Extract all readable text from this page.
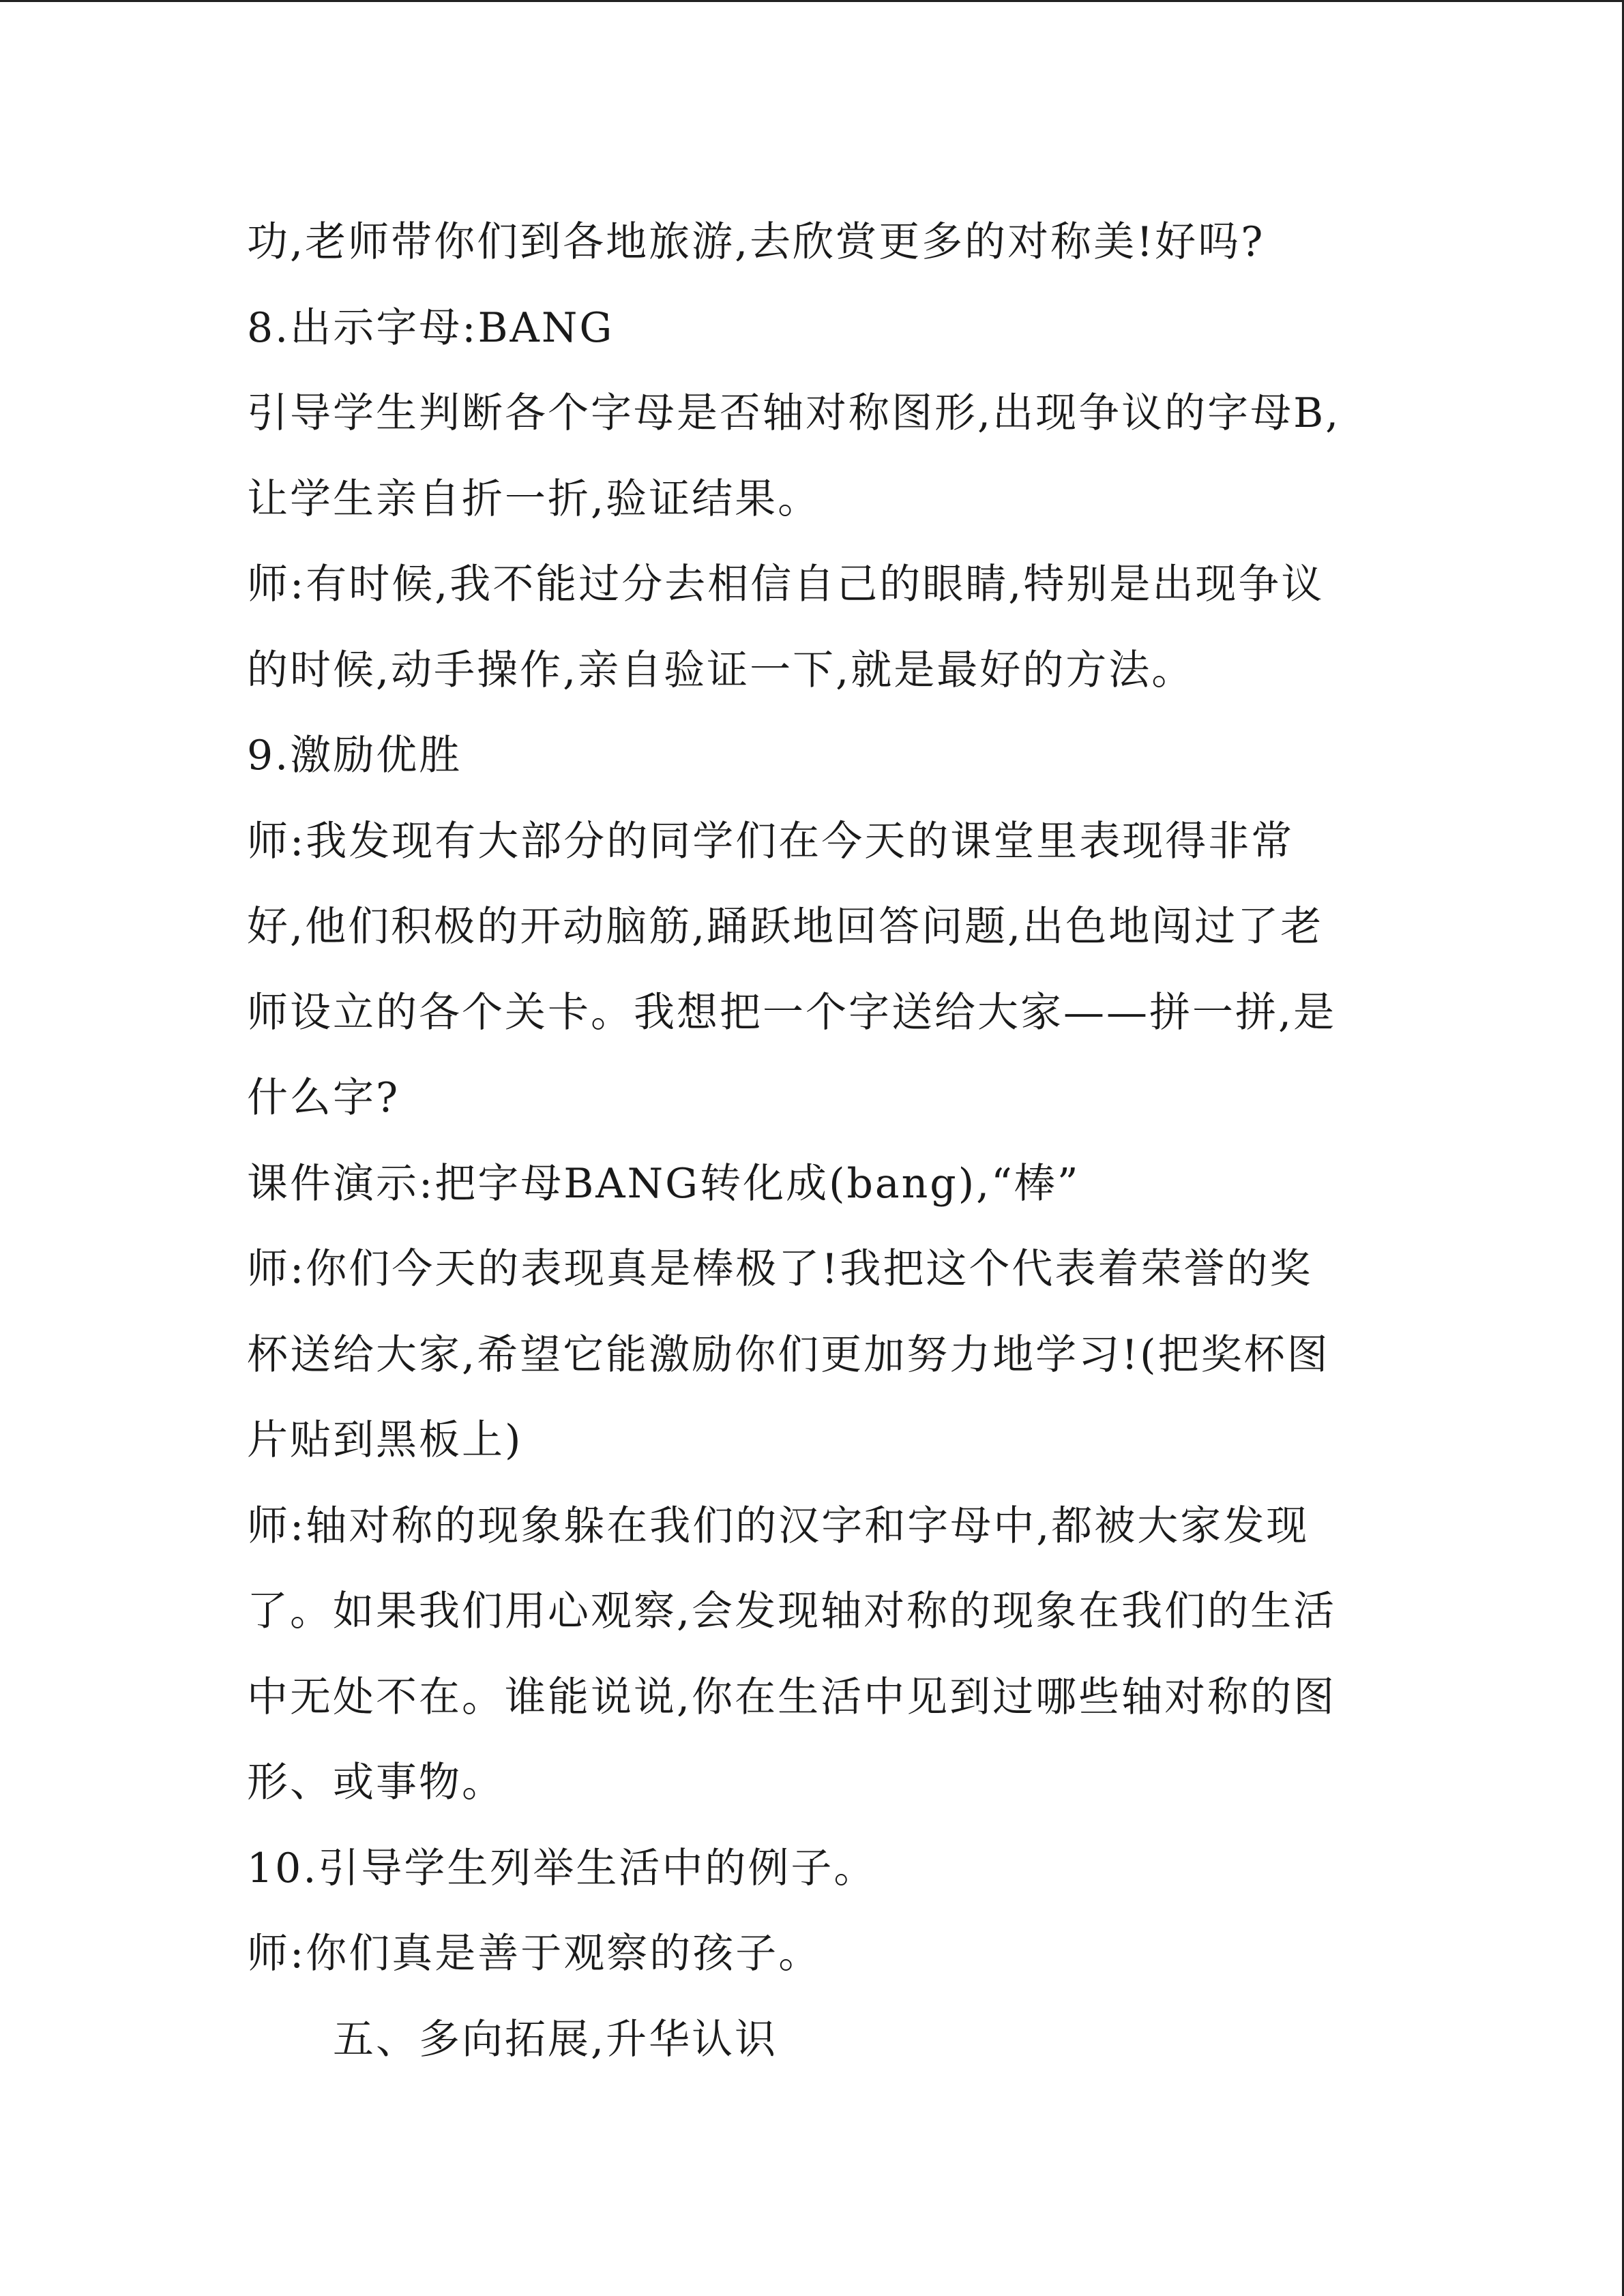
功,老师带你们到各地旅游,去欣赏更多的对称美!好吗?
8.出示字母:BANG
引导学生判断各个字母是否轴对称图形,出现争议的字母B,
让学生亲自折一折,验证结果。
师:有时候,我不能过分去相信自己的眼睛,特别是出现争议
的时候,动手操作,亲自验证一下,就是最好的方法。
9.激励优胜
师:我发现有大部分的同学们在今天的课堂里表现得非常
好,他们积极的开动脑筋,踊跃地回答问题,出色地闯过了老
师设立的各个关卡。我想把一个字送给大家——拼一拼,是
什么字?
课件演示:把字母BANG转化成(bang),“棒”
师:你们今天的表现真是棒极了!我把这个代表着荣誉的奖
杯送给大家,希望它能激励你们更加努力地学习!(把奖杯图
片贴到黑板上)
师:轴对称的现象躲在我们的汉字和字母中,都被大家发现
了。如果我们用心观察,会发现轴对称的现象在我们的生活
中无处不在。谁能说说,你在生活中见到过哪些轴对称的图
形、或事物。
10.引导学生列举生活中的例子。
师:你们真是善于观察的孩子。
五、多向拓展,升华认识
